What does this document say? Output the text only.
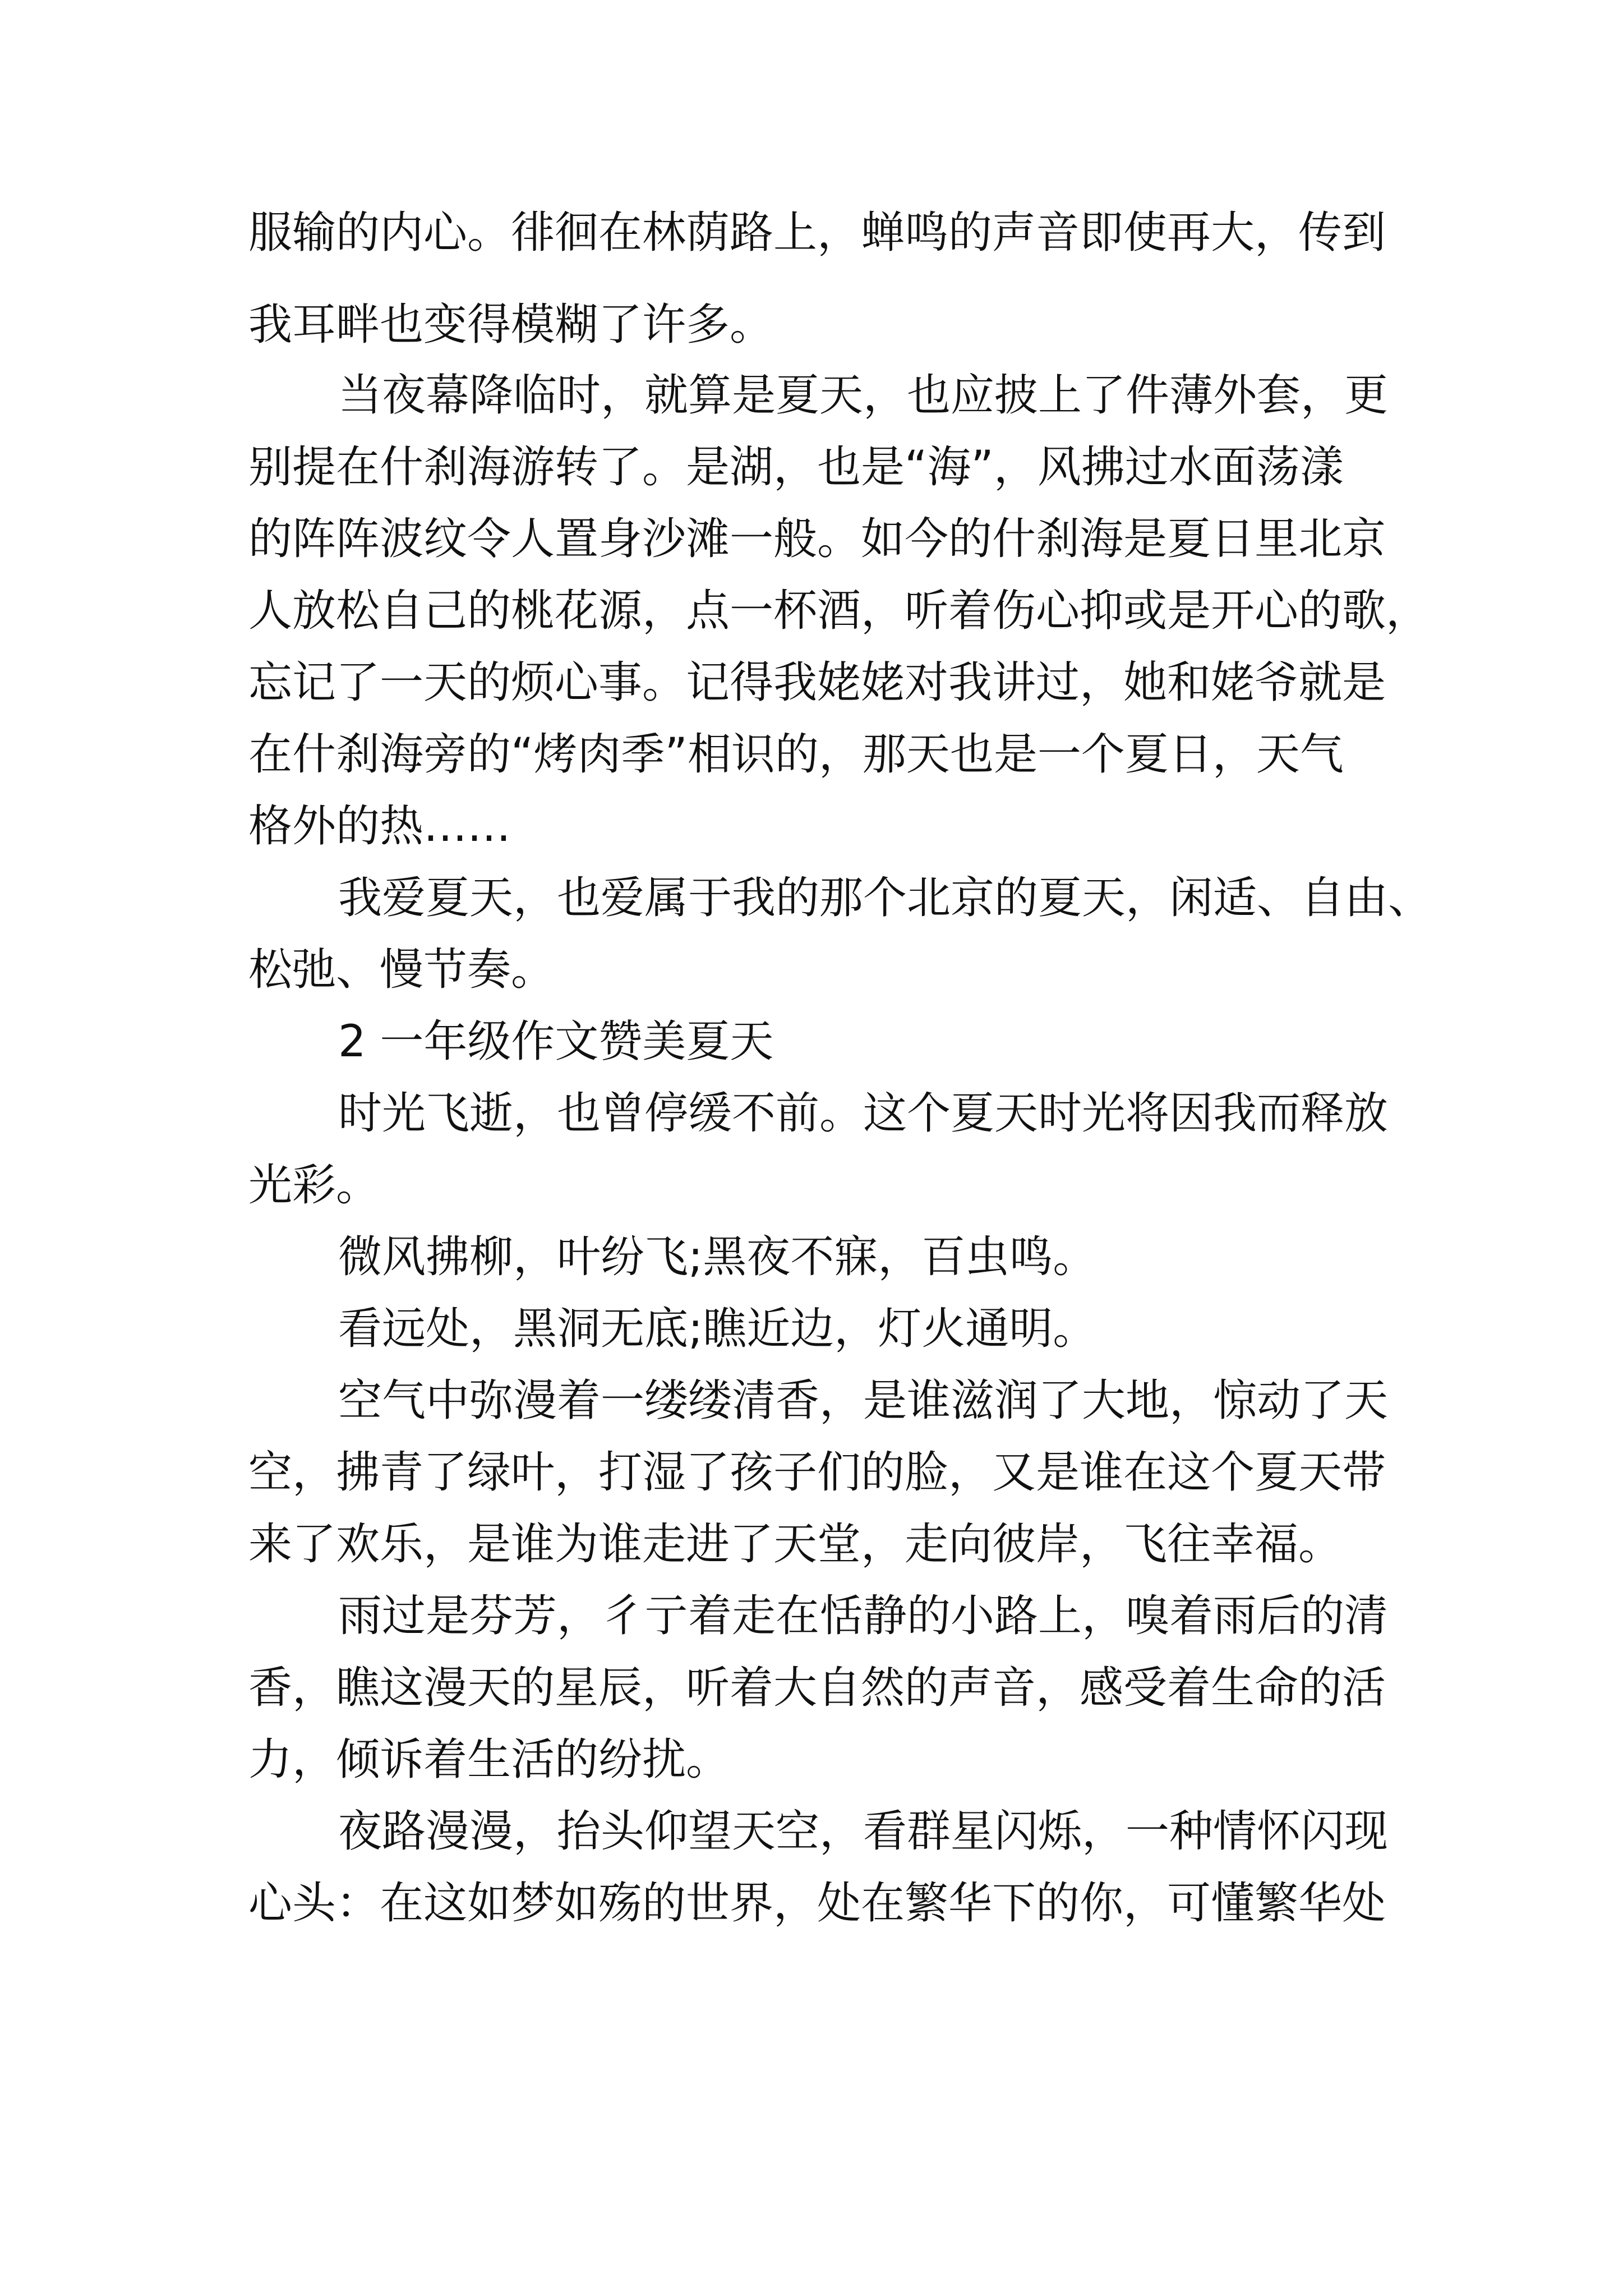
服输的内心。徘徊在林荫路上，蝉鸣的声音即使再大，传到
我耳畔也变得模糊了许多。
当夜幕降临时，就算是夏天，也应披上了件薄外套，更
别提在什刹海游转了。是湖，也是“海”，风拂过水面荡漾
的阵阵波纹令人置身沙滩一般。如今的什刹海是夏日里北京
人放松自己的桃花源，点一杯酒，听着伤心抑或是开心的歌，
忘记了一天的烦心事。记得我姥姥对我讲过，她和姥爷就是
在什刹海旁的“烤肉季”相识的，那天也是一个夏日，天气
格外的热……
我爱夏天，也爱属于我的那个北京的夏天，闲适、自由、
松弛、慢节奏。
2 一年级作文赞美夏天
时光飞逝，也曾停缓不前。这个夏天时光将因我而释放
光彩。
微风拂柳，叶纷飞;黑夜不寐，百虫鸣。
看远处，黑洞无底;瞧近边，灯火通明。
空气中弥漫着一缕缕清香，是谁滋润了大地，惊动了天
空，拂青了绿叶，打湿了孩子们的脸，又是谁在这个夏天带
来了欢乐，是谁为谁走进了天堂，走向彼岸，飞往幸福。
雨过是芬芳，彳亍着走在恬静的小路上，嗅着雨后的清
香，瞧这漫天的星辰，听着大自然的声音，感受着生命的活
力，倾诉着生活的纷扰。
夜路漫漫，抬头仰望天空，看群星闪烁，一种情怀闪现
心头：在这如梦如殇的世界，处在繁华下的你，可懂繁华处
